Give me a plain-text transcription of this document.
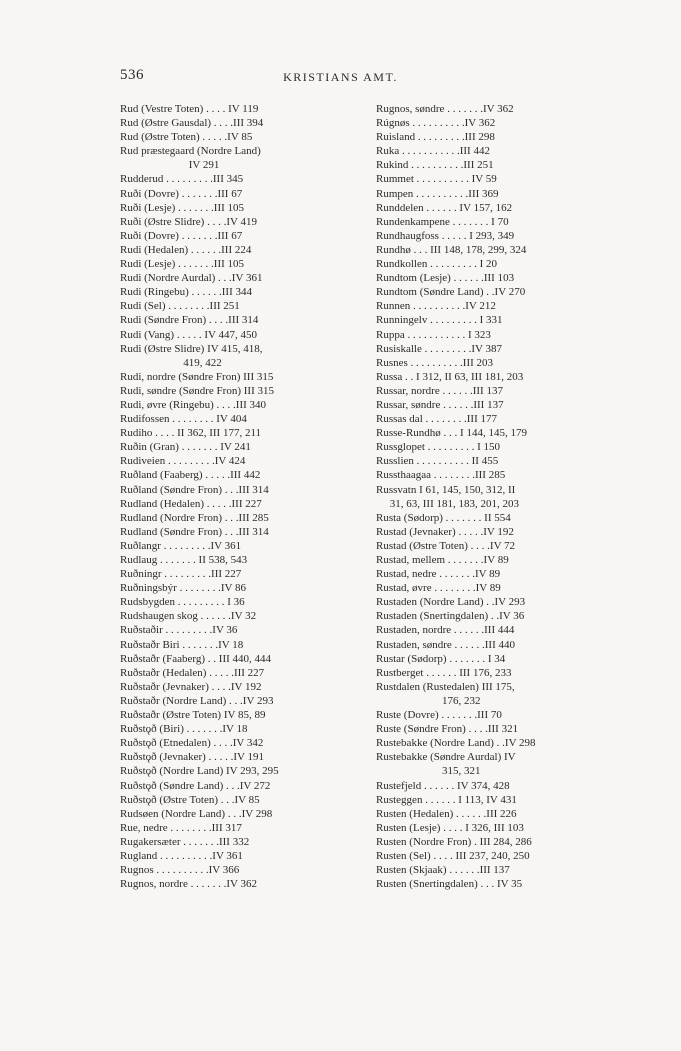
536	KRISTIANS AMT.
Rud (Vestre Toten) . . . . IV 119
Rud (Østre Gausdal) . . . .III 394
Rud (Østre Toten) . . . . .IV 85
Rud præstegaard (Nordre Land)
IV 291
Rudderud . . . . . . . . .III 345
Ruði (Dovre) . . . . . . .III 67
Ruði (Lesje) . . . . . . .III 105
Ruði (Østre Slidre) . . . .IV 419
Ruði (Dovre) . . . . . . .III 67
Rudi (Hedalen) . . . . . .III 224
Rudi (Lesje) . . . . . . .III 105
Rudi (Nordre Aurdal) . . .IV 361
Rudi (Ringebu) . . . . . .III 344
Rudi (Sel) . . . . . . . .III 251
Rudi (Søndre Fron) . . . .III 314
Rudi (Vang) . . . . . IV 447, 450
Rudi (Østre Slidre) IV 415, 418,
419, 422
Rudi, nordre (Søndre Fron) III 315
Rudi, søndre (Søndre Fron) III 315
Rudi, øvre (Ringebu) . . . .III 340
Rudifossen . . . . . . . . IV 404
Rudiho . . . . II 362, III 177, 211
Ruðin (Gran) . . . . . . . IV 241
Rudiveien . . . . . . . . .IV 424
Ruðland (Faaberg) . . . . .III 442
Ruðland (Søndre Fron) . . .III 314
Rudland (Hedalen) . . . . .III 227
Rudland (Nordre Fron) . . .III 285
Rudland (Søndre Fron) . . .III 314
Ruðlangr . . . . . . . . .IV 361
Rudlaug . . . . . . . II 538, 543
Ruðningr . . . . . . . . .III 227
Ruðningsbýr . . . . . . . .IV 86
Rudsbygden . . . . . . . . . I 36
Rudshaugen skog . . . . . .IV 32
Ruðstaðir . . . . . . . . .IV 36
Ruðstaðr Biri . . . . . . .IV 18
Ruðstaðr (Faaberg) . . III 440, 444
Ruðstaðr (Hedalen) . . . . .III 227
Ruðstaðr (Jevnaker) . . . .IV 192
Ruðstaðr (Nordre Land) . . .IV 293
Ruðstaðr (Østre Toten) IV 85, 89
Ruðstǫð (Biri) . . . . . . .IV 18
Ruðstǫð (Etnedalen) . . . .IV 342
Ruðstǫð (Jevnaker) . . . . .IV 191
Ruðstǫð (Nordre Land) IV 293, 295
Ruðstǫð (Søndre Land) . . .IV 272
Ruðstǫð (Østre Toten) . . .IV 85
Rudsøen (Nordre Land) . . .IV 298
Rue, nedre . . . . . . . .III 317
Rugakersæter . . . . . . .III 332
Rugland . . . . . . . . . .IV 361
Rugnos . . . . . . . . . .IV 366
Rugnos, nordre . . . . . . .IV 362
Rugnos, søndre . . . . . . .IV 362
Rúgnøs . . . . . . . . . .IV 362
Ruisland . . . . . . . . .III 298
Ruka . . . . . . . . . . .III 442
Rukind . . . . . . . . . .III 251
Rummet . . . . . . . . . . IV 59
Rumpen . . . . . . . . . .III 369
Runddelen . . . . . . IV 157, 162
Rundenkampene . . . . . . . I 70
Rundhaugfoss . . . . . I 293, 349
Rundhø . . . III 148, 178, 299, 324
Rundkollen . . . . . . . . . I 20
Rundtom (Lesje) . . . . . .III 103
Rundtom (Søndre Land) . .IV 270
Runnen . . . . . . . . . .IV 212
Runningelv . . . . . . . . . I 331
Ruppa . . . . . . . . . . . I 323
Rusiskalle . . . . . . . . .IV 387
Rusnes . . . . . . . . . .III 203
Russa . . I 312, II 63, III 181, 203
Russar, nordre . . . . . .III 137
Russar, søndre . . . . . .III 137
Russas dal . . . . . . . .III 177
Russe-Rundhø . . . I 144, 145, 179
Russglopet . . . . . . . . . I 150
Russlien . . . . . . . . . . II 455
Russthaagaa . . . . . . . .III 285
Russvatn I 61, 145, 150, 312, II
31, 63, III 181, 183, 201, 203
Rusta (Sødorp) . . . . . . . II 554
Rustad (Jevnaker) . . . . .IV 192
Rustad (Østre Toten) . . . .IV 72
Rustad, mellem . . . . . . .IV 89
Rustad, nedre . . . . . . .IV 89
Rustad, øvre . . . . . . . .IV 89
Rustaden (Nordre Land) . .IV 293
Rustaden (Snertingdalen) . .IV 36
Rustaden, nordre . . . . . .III 444
Rustaden, søndre . . . . . .III 440
Rustar (Sødorp) . . . . . . . I 34
Rustberget . . . . . . III 176, 233
Rustdalen (Rustedalen) III 175,
176, 232
Ruste (Dovre) . . . . . . .III 70
Ruste (Søndre Fron) . . . .III 321
Rustebakke (Nordre Land) . .IV 298
Rustebakke (Søndre Aurdal) IV
315, 321
Rustefjeld . . . . . . IV 374, 428
Rusteggen . . . . . . I 113, IV 431
Rusten (Hedalen) . . . . . .III 226
Rusten (Lesje) . . . . I 326, III 103
Rusten (Nordre Fron) . III 284, 286
Rusten (Sel) . . . . III 237, 240, 250
Rusten (Skjaak) . . . . . .III 137
Rusten (Snertingdalen) . . . IV 35
